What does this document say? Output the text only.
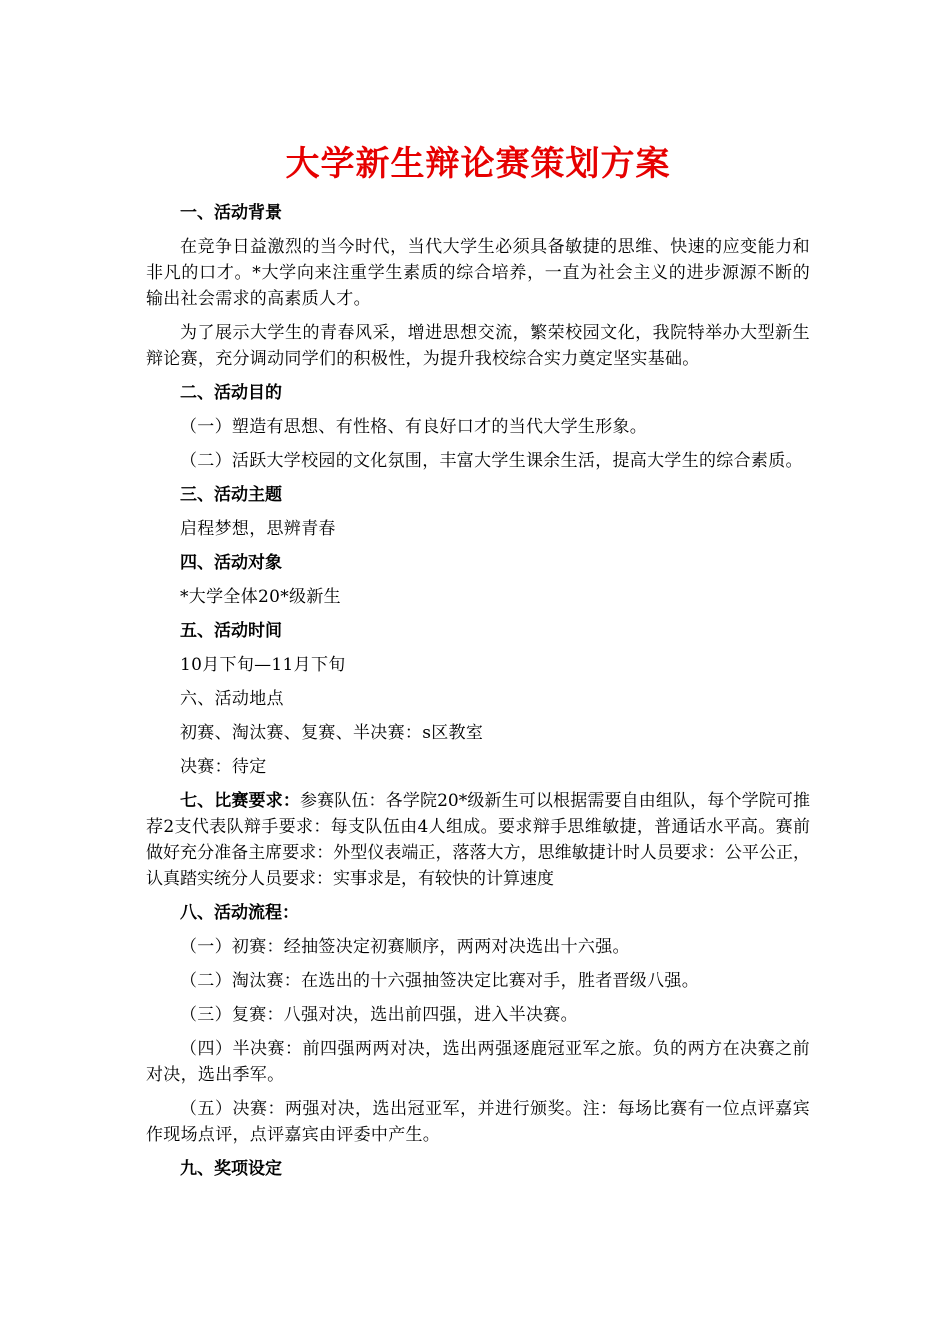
大学新生辩论赛策划方案
一、活动背景
在竞争日益激烈的当今时代，当代大学生必须具备敏捷的思维、快速的应变能力和非凡的口才。*大学向来注重学生素质的综合培养，一直为社会主义的进步源源不断的输出社会需求的高素质人才。
为了展示大学生的青春风采，增进思想交流，繁荣校园文化，我院特举办大型新生辩论赛，充分调动同学们的积极性，为提升我校综合实力奠定坚实基础。
二、活动目的
（一）塑造有思想、有性格、有良好口才的当代大学生形象。
（二）活跃大学校园的文化氛围，丰富大学生课余生活，提高大学生的综合素质。
三、活动主题
启程梦想，思辨青春
四、活动对象
*大学全体20*级新生
五、活动时间
10月下旬—11月下旬
六、活动地点
初赛、淘汰赛、复赛、半决赛：s区教室
决赛：待定
七、比赛要求：参赛队伍：各学院20*级新生可以根据需要自由组队，每个学院可推荐2支代表队辩手要求：每支队伍由4人组成。要求辩手思维敏捷，普通话水平高。赛前做好充分准备主席要求：外型仪表端正，落落大方，思维敏捷计时人员要求：公平公正，认真踏实统分人员要求：实事求是，有较快的计算速度
八、活动流程：
（一）初赛：经抽签决定初赛顺序，两两对决选出十六强。
（二）淘汰赛：在选出的十六强抽签决定比赛对手，胜者晋级八强。
（三）复赛：八强对决，选出前四强，进入半决赛。
（四）半决赛：前四强两两对决，选出两强逐鹿冠亚军之旅。负的两方在决赛之前对决，选出季军。
（五）决赛：两强对决，选出冠亚军，并进行颁奖。注：每场比赛有一位点评嘉宾作现场点评，点评嘉宾由评委中产生。
九、奖项设定
